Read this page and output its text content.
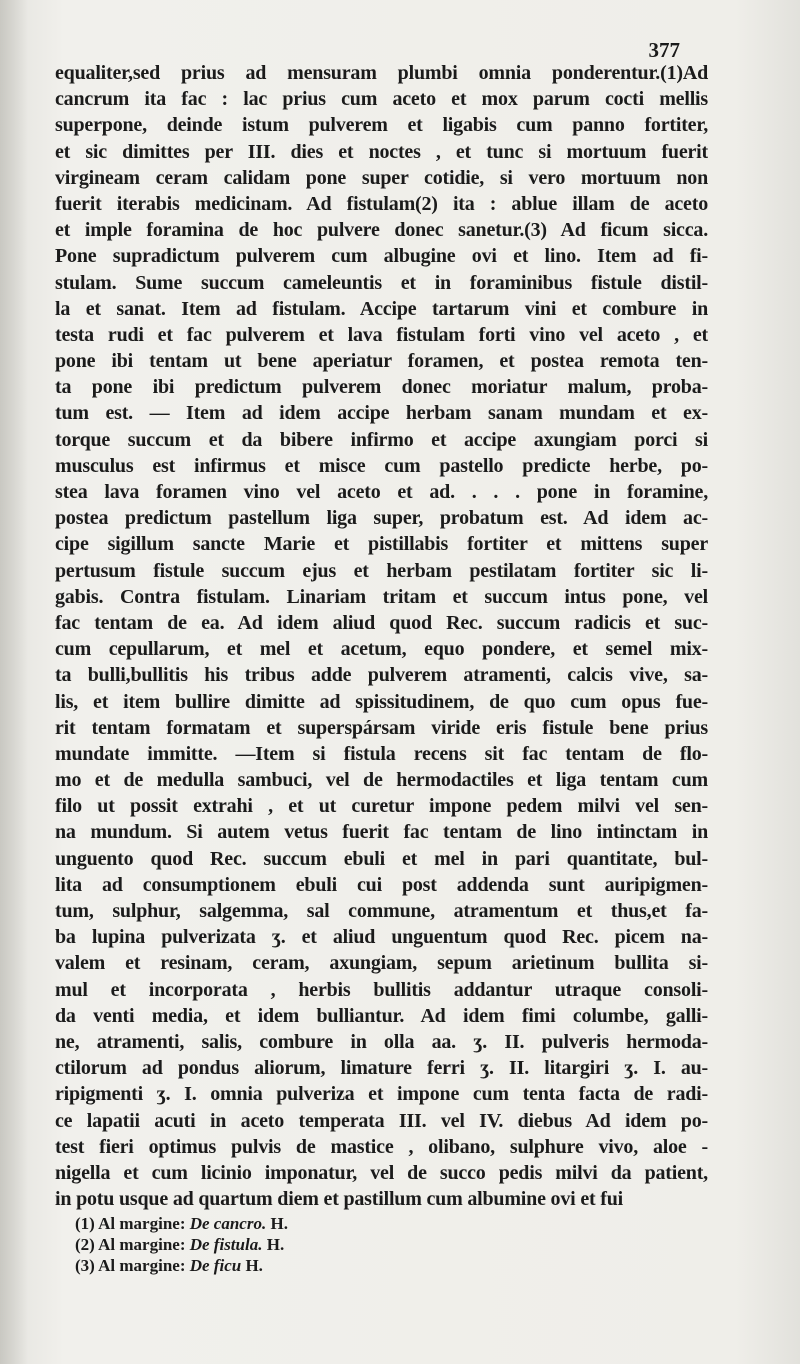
377
equaliter,sed prius ad mensuram plumbi omnia ponderentur.(1)Ad
cancrum ita fac : lac prius cum aceto et mox parum cocti mellis
superpone, deinde istum pulverem et ligabis cum panno fortiter,
et sic dimittes per III. dies et noctes , et tunc si mortuum fuerit
virgineam ceram calidam pone super cotidie, si vero mortuum non
fuerit iterabis medicinam. Ad fistulam(2) ita : ablue illam de aceto
et imple foramina de hoc pulvere donec sanetur.(3) Ad ficum sicca.
Pone supradictum pulverem cum albugine ovi et lino. Item ad fi-
stulam. Sume succum cameleuntis et in foraminibus fistule distil-
la et sanat. Item ad fistulam. Accipe tartarum vini et combure in
testa rudi et fac pulverem et lava fistulam forti vino vel aceto , et
pone ibi tentam ut bene aperiatur foramen, et postea remota ten-
ta pone ibi predictum pulverem donec moriatur malum, proba-
tum est. — Item ad idem accipe herbam sanam mundam et ex-
torque succum et da bibere infirmo et accipe axungiam porci si
musculus est infirmus et misce cum pastello predicte herbe, po-
stea lava foramen vino vel aceto et ad. . . . pone in foramine,
postea predictum pastellum liga super, probatum est. Ad idem ac-
cipe sigillum sancte Marie et pistillabis fortiter et mittens super
pertusum fistule succum ejus et herbam pestilatam fortiter sic li-
gabis. Contra fistulam. Linariam tritam et succum intus pone, vel
fac tentam de ea. Ad idem aliud quod Rec. succum radicis et suc-
cum cepullarum, et mel et acetum, equo pondere, et semel mix-
ta bulli,bullitis his tribus adde pulverem atramenti, calcis vive, sa-
lis, et item bullire dimitte ad spissitudinem, de quo cum opus fue-
rit tentam formatam et superspársam viride eris fistule bene prius
mundate immitte. —Item si fistula recens sit fac tentam de flo-
mo et de medulla sambuci, vel de hermodactiles et liga tentam cum
filo ut possit extrahi , et ut curetur impone pedem milvi vel sen-
na mundum. Si autem vetus fuerit fac tentam de lino intinctam in
unguento quod Rec. succum ebuli et mel in pari quantitate, bul-
lita ad consumptionem ebuli cui post addenda sunt auripigmen-
tum, sulphur, salgemma, sal commune, atramentum et thus,et fa-
ba lupina pulverizata ʒ. et aliud unguentum quod Rec. picem na-
valem et resinam, ceram, axungiam, sepum arietinum bullita si-
mul et incorporata , herbis bullitis addantur utraque consoli-
da venti media, et idem bulliantur. Ad idem fimi columbe, galli-
ne, atramenti, salis, combure in olla aa. ʒ. II. pulveris hermoda-
ctilorum ad pondus aliorum, limature ferri ʒ. II. litargiri ʒ. I. au-
ripigmenti ʒ. I. omnia pulveriza et impone cum tenta facta de radi-
ce lapatii acuti in aceto temperata III. vel IV. diebus Ad idem po-
test fieri optimus pulvis de mastice , olibano, sulphure vivo, aloe -
nigella et cum licinio imponatur, vel de succo pedis milvi da patient,
in potu usque ad quartum diem et pastillum cum albumine ovi et fui
(1) Al margine: De cancro. H.
(2) Al margine: De fistula. H.
(3) Al margine: De ficu H.
